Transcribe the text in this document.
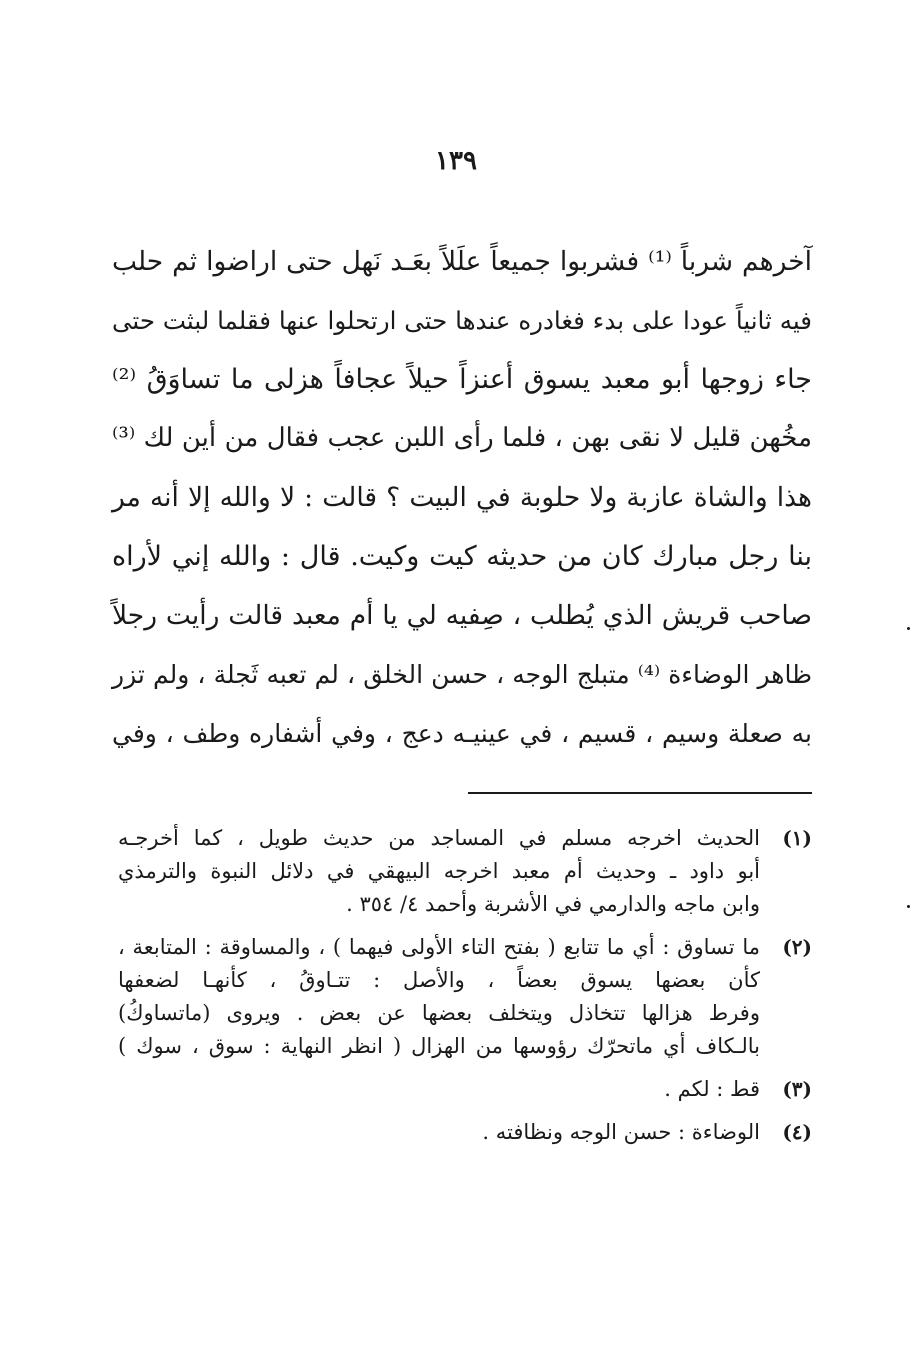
١٣٩
آخرهم شرباً ⁽¹⁾ فشربوا جميعاً علَلاً بعَـد نَهل حتى اراضوا ثم حلب
فيه ثانياً عودا على بدء فغادره عندها حتى ارتحلوا عنها فقلما لبثت حتى
جاء زوجها أبو معبد يسوق أعنزاً حيلاً عجافاً هزلى ما تساوَقُ ⁽²⁾
مخُهن قليل لا نقى بهن ، فلما رأى اللبن عجب فقال من أين لك ⁽³⁾
هذا والشاة عازبة ولا حلوبة في البيت ؟ قالت : لا والله إلا أنه مر
بنا رجل مبارك كان من حديثه كيت وكيت. قال : والله إني لأراه
صاحب قريش الذي يُطلب ، صِفيه لي يا أم معبد قالت رأيت رجلاً
ظاهر الوضاءة ⁽⁴⁾ متبلج الوجه ، حسن الخلق ، لم تعبه ثَجلة ، ولم تزر
به صعلة وسيم ، قسيم ، في عينيـه دعج ، وفي أشفاره وطف ، وفي
(١)
الحديث اخرجه مسلم في المساجد من حديث طويل ، كما أخرجـه
أبو داود ـ وحديث أم معبد اخرجه البيهقي في دلائل النبوة والترمذي
وابن ماجه والدارمي في الأشربة وأحمد ٤/ ٣٥٤ .
(٢)
ما تساوق : أي ما تتابع ( بفتح التاء الأولى فيهما ) ، والمساوقة : المتابعة ،
كأن بعضها يسوق بعضاً ، والأصل : تتـاوقُ ، كأنهـا لضعفها
وفرط هزالها تتخاذل ويتخلف بعضها عن بعض . ويروى (ماتساوكُ)
بالـكاف أي ماتحرّك رؤوسها من الهزال ( انظر النهاية : سوق ، سوك )
(٣)
قط : لكم .
(٤)
الوضاءة : حسن الوجه ونظافته .
